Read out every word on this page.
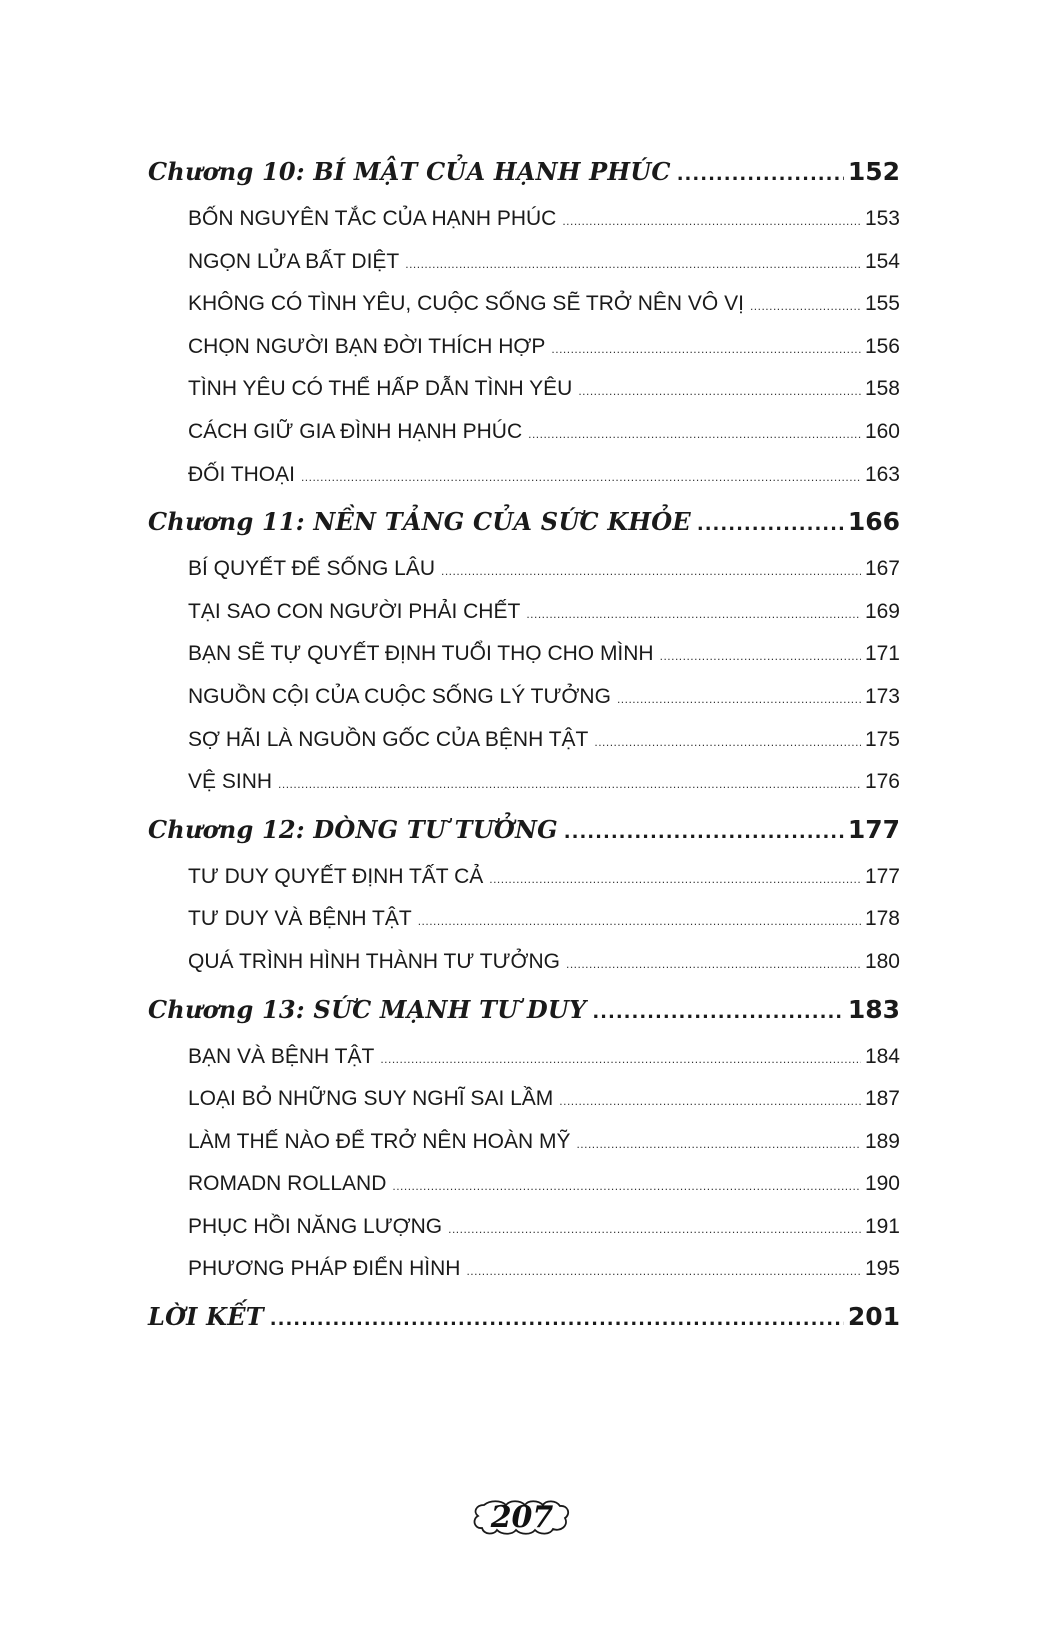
Chương 10: BÍ MẬT CỦA HẠNH PHÚC .....	152
BỐN NGUYÊN TẮC CỦA HẠNH PHÚC .....	153
NGỌN LỬA BẤT DIỆT .....	154
KHÔNG CÓ TÌNH YÊU, CUỘC SỐNG SẼ TRỞ NÊN VÔ VỊ .....	155
CHỌN NGƯỜI BẠN ĐỜI THÍCH HỢP .....	156
TÌNH YÊU CÓ THỂ HẤP DẪN TÌNH YÊU .....	158
CÁCH GIỮ GIA ĐÌNH HẠNH PHÚC .....	160
ĐỐI THOẠI .....	163
Chương 11: NỀN TẢNG CỦA SỨC KHỎE .....	166
BÍ QUYẾT ĐỂ SỐNG LÂU .....	167
TẠI SAO CON NGƯỜI PHẢI CHẾT .....	169
BẠN SẼ TỰ QUYẾT ĐỊNH TUỔI THỌ CHO MÌNH .....	171
NGUỒN CỘI CỦA CUỘC SỐNG LÝ TƯỞNG .....	173
SỢ HÃI LÀ NGUỒN GỐC CỦA BỆNH TẬT .....	175
VỆ SINH .....	176
Chương 12: DÒNG TƯ TƯỞNG .....	177
TƯ DUY QUYẾT ĐỊNH TẤT CẢ .....	177
TƯ DUY VÀ BỆNH TẬT .....	178
QUÁ TRÌNH HÌNH THÀNH TƯ TƯỞNG .....	180
Chương 13: SỨC MẠNH TƯ DUY .....	183
BẠN VÀ BỆNH TẬT .....	184
LOẠI BỎ NHỮNG SUY NGHĨ SAI LẦM .....	187
LÀM THẾ NÀO ĐỂ TRỞ NÊN HOÀN MỸ .....	189
ROMADN ROLLAND .....	190
PHỤC HỒI NĂNG LƯỢNG .....	191
PHƯƠNG PHÁP ĐIỂN HÌNH .....	195
LỜI KẾT .....	201
207
